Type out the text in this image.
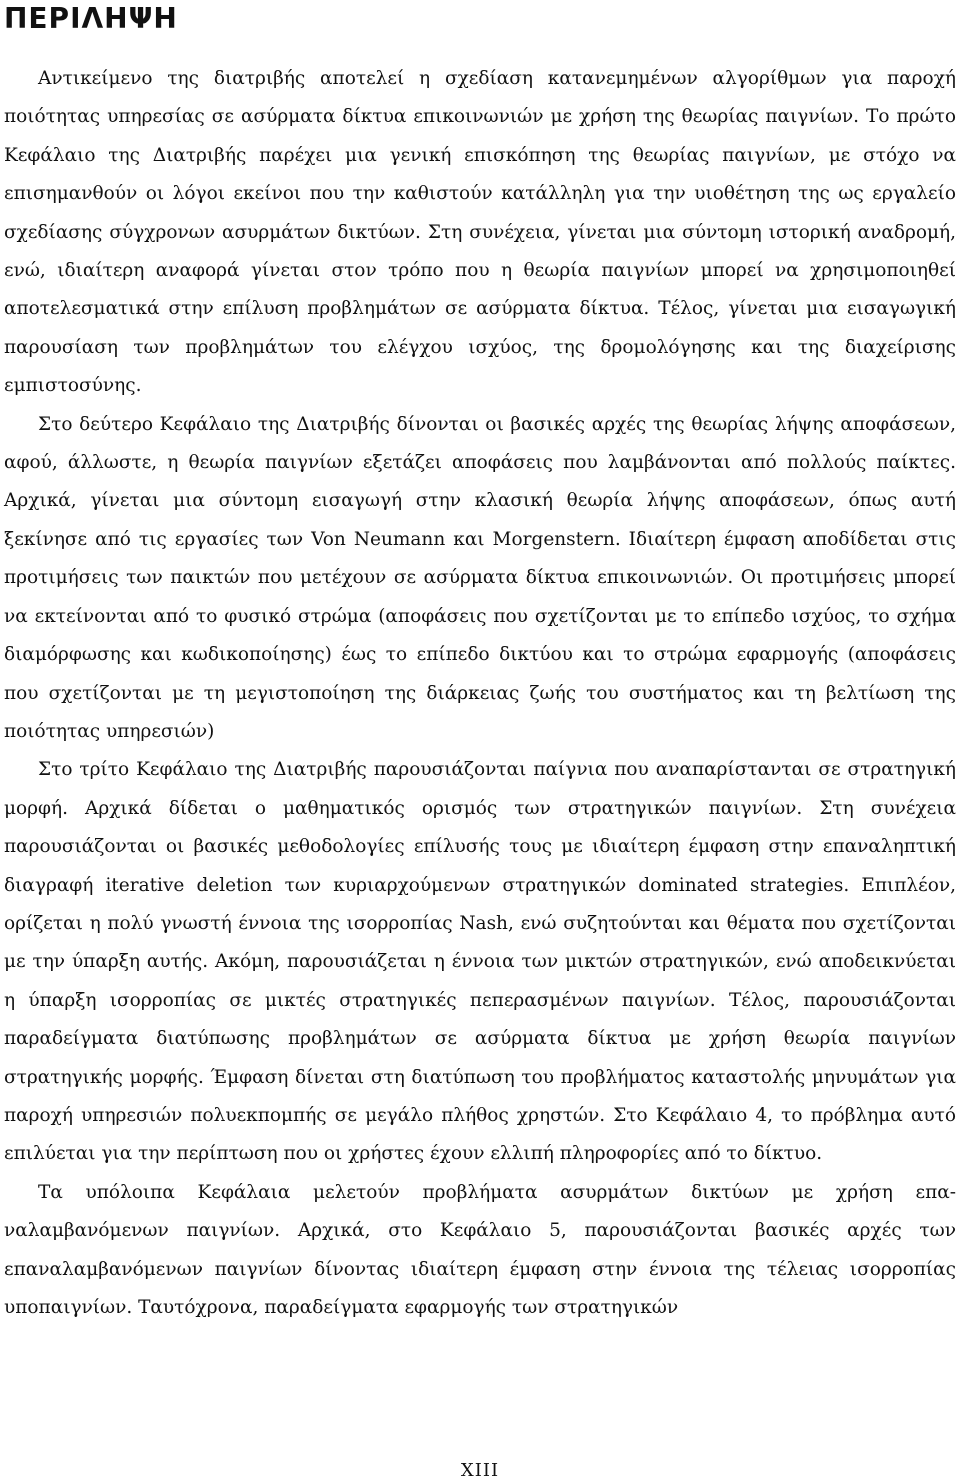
ΠΕΡΙΛΗΨΗ

Αντικείμενο της διατριβής αποτελεί η σχεδίαση κατανεμημένων αλγορίθμων για παροχή ποιότητας υπηρεσίας σε ασύρματα δίκτυα επικοινωνιών με χρήση της θεωρίας παιγνίων. Το πρώτο Κεφάλαιο της Διατριβής παρέχει μια γενική επισκόπηση της θεωρίας παιγνίων, με στόχο να επισημανθούν οι λόγοι εκείνοι που την καθιστούν κατάλληλη για την υιοθέτηση της ως εργαλείο σχεδίασης σύγχρονων ασυρμάτων δικτύων. Στη συνέχεια, γίνεται μια σύντομη ιστορική αναδρομή, ενώ, ιδιαίτερη αναφορά γίνεται στον τρόπο που η θεωρία παιγνίων μπορεί να χρησιμοποιηθεί αποτελεσματικά στην επίλυση προβλημάτων σε ασύρματα δίκτυα. Τέλος, γίνεται μια εισαγωγική παρουσίαση των προβλημάτων του ελέγχου ισχύος, της δρομολόγησης και της διαχείρισης εμπιστοσύνης.

Στο δεύτερο Κεφάλαιο της Διατριβής δίνονται οι βασικές αρχές της θεωρίας λήψης αποφάσεων, αφού, άλλωστε, η θεωρία παιγνίων εξετάζει αποφάσεις που λαμβάνονται από πολλούς παίκτες. Αρχικά, γίνεται μια σύντομη εισαγωγή στην κλασική θεωρία λήψης αποφάσεων, όπως αυτή ξεκίνησε από τις εργασίες των Von Neumann και Morgenstern. Ιδιαίτερη έμφαση αποδίδεται στις προτιμήσεις των παικτών που μετέχουν σε ασύρματα δίκτυα επικοινωνιών. Οι προτιμήσεις μπορεί να εκτείνονται από το φυσικό στρώμα (αποφάσεις που σχετίζονται με το επίπεδο ισχύος, το σχήμα διαμόρφωσης και κωδικοποίησης) έως το επίπεδο δικτύου και το στρώμα εφαρμογής (αποφάσεις που σχετίζονται με τη μεγιστοποίηση της διάρκειας ζωής του συστήματος και τη βελτίωση της ποιότητας υπηρεσιών)

Στο τρίτο Κεφάλαιο της Διατριβής παρουσιάζονται παίγνια που αναπαρίστανται σε στρατηγική μορφή. Αρχικά δίδεται ο μαθηματικός ορισμός των στρατηγικών παιγνίων. Στη συνέχεια παρουσιάζονται οι βασικές μεθοδολογίες επίλυσής τους με ιδιαίτερη έμφαση στην επαναληπτική διαγραφή iterative deletion των κυριαρχούμενων στρατηγικών dominated strategies. Επιπλέον, ορίζεται η πολύ γνωστή έννοια της ισορροπίας Nash, ενώ συζητούνται και θέματα που σχετίζονται με την ύπαρξη αυτής. Ακόμη, παρουσιάζεται η έννοια των μικτών στρατηγικών, ενώ αποδεικνύεται η ύπαρξη ισορροπίας σε μικτές στρατηγικές πεπερασμένων παιγνίων. Τέλος, παρουσιάζονται παραδείγματα διατύπωσης προβλημάτων σε ασύρματα δίκτυα με χρήση θεωρία παιγνίων στρατηγικής μορφής. Έμφαση δίνεται στη διατύπωση του προβλήματος καταστολής μηνυμάτων για παροχή υπηρεσιών πολυεκπομπής σε μεγάλο πλήθος χρηστών. Στο Κεφάλαιο 4, το πρόβλημα αυτό επιλύεται για την περίπτωση που οι χρήστες έχουν ελλιπή πληροφορίες από το δίκτυο.

Τα υπόλοιπα Κεφάλαια μελετούν προβλήματα ασυρμάτων δικτύων με χρήση επαναλαμβανόμενων παιγνίων. Αρχικά, στο Κεφάλαιο 5, παρουσιάζονται βασικές αρχές των επαναλαμβανόμενων παιγνίων δίνοντας ιδιαίτερη έμφαση στην έννοια της τέλειας ισορροπίας υποπαιγνίων. Ταυτόχρονα, παραδείγματα εφαρμογής των στρατηγικών

XIII
